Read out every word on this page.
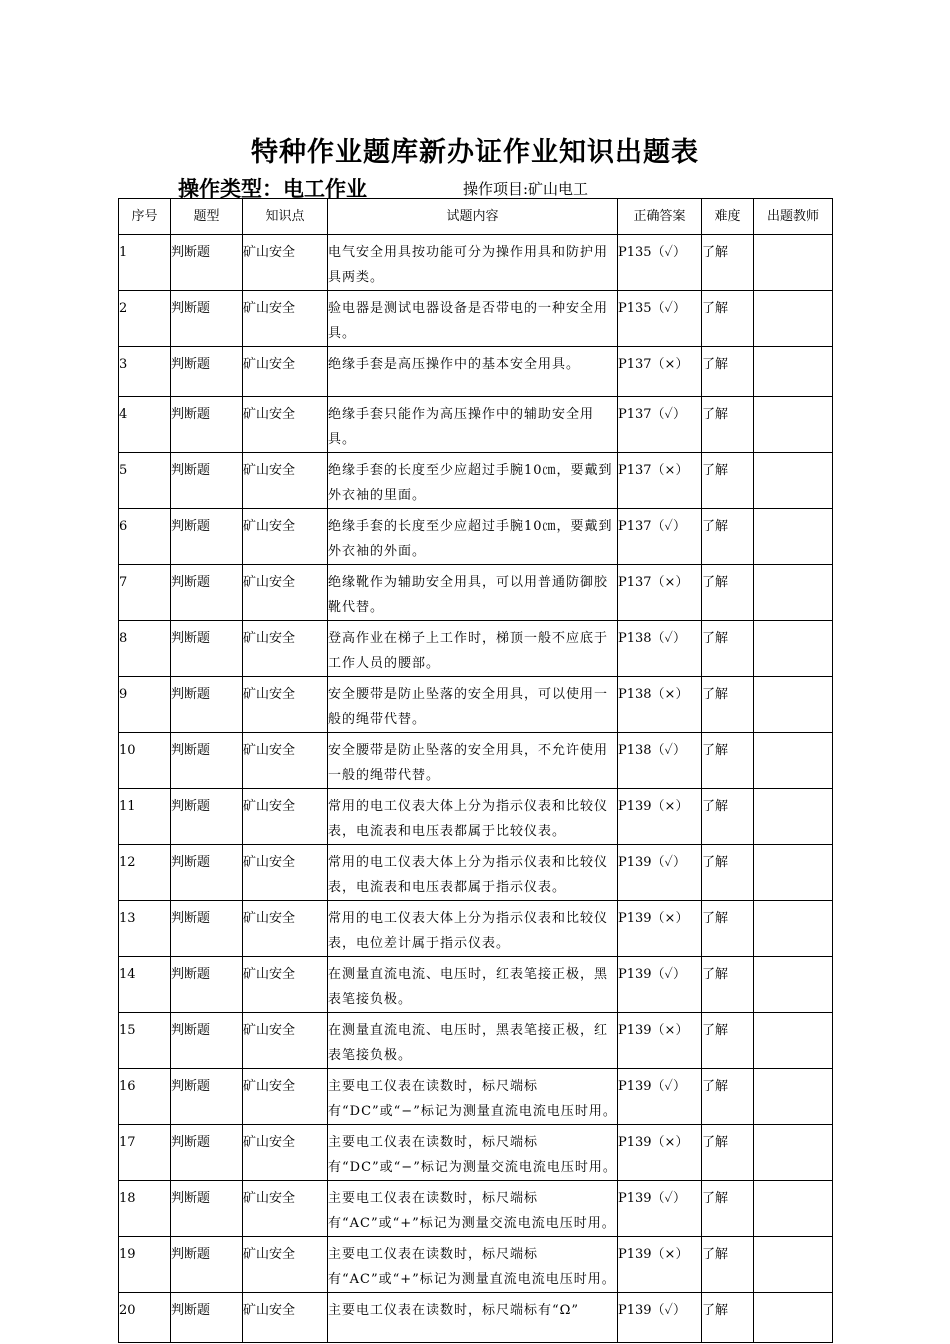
特种作业题库新办证作业知识出题表
操作类型：电工作业	操作项目:矿山电工
序号	题型	知识点	试题内容	正确答案	难度	出题教师
1	判断题	矿山安全	电气安全用具按功能可分为操作用具和防护用具两类。	P135（✓）	了解	
2	判断题	矿山安全	验电器是测试电器设备是否带电的一种安全用具。	P135（✓）	了解	
3	判断题	矿山安全	绝缘手套是高压操作中的基本安全用具。	P137（×）	了解	
4	判断题	矿山安全	绝缘手套只能作为高压操作中的辅助安全用具。	P137（✓）	了解	
5	判断题	矿山安全	绝缘手套的长度至少应超过手腕10㎝，要戴到外衣袖的里面。	P137（×）	了解	
6	判断题	矿山安全	绝缘手套的长度至少应超过手腕10㎝，要戴到外衣袖的外面。	P137（✓）	了解	
7	判断题	矿山安全	绝缘靴作为辅助安全用具，可以用普通防御胶靴代替。	P137（×）	了解	
8	判断题	矿山安全	登高作业在梯子上工作时，梯顶一般不应底于工作人员的腰部。	P138（✓）	了解	
9	判断题	矿山安全	安全腰带是防止坠落的安全用具，可以使用一般的绳带代替。	P138（×）	了解	
10	判断题	矿山安全	安全腰带是防止坠落的安全用具，不允许使用一般的绳带代替。	P138（✓）	了解	
11	判断题	矿山安全	常用的电工仪表大体上分为指示仪表和比较仪表，电流表和电压表都属于比较仪表。	P139（×）	了解	
12	判断题	矿山安全	常用的电工仪表大体上分为指示仪表和比较仪表，电流表和电压表都属于指示仪表。	P139（✓）	了解	
13	判断题	矿山安全	常用的电工仪表大体上分为指示仪表和比较仪表，电位差计属于指示仪表。	P139（×）	了解	
14	判断题	矿山安全	在测量直流电流、电压时，红表笔接正极，黑表笔接负极。	P139（✓）	了解	
15	判断题	矿山安全	在测量直流电流、电压时，黑表笔接正极，红表笔接负极。	P139（×）	了解	
16	判断题	矿山安全	主要电工仪表在读数时，标尺端标有“DC”或“−”标记为测量直流电流电压时用。	P139（✓）	了解	
17	判断题	矿山安全	主要电工仪表在读数时，标尺端标有“DC”或“−”标记为测量交流电流电压时用。	P139（×）	了解	
18	判断题	矿山安全	主要电工仪表在读数时，标尺端标有“AC”或“+”标记为测量交流电流电压时用。	P139（✓）	了解	
19	判断题	矿山安全	主要电工仪表在读数时，标尺端标有“AC”或“+”标记为测量直流电流电压时用。	P139（×）	了解	
20	判断题	矿山安全	主要电工仪表在读数时，标尺端标有“Ω”	P139（✓）	了解	
